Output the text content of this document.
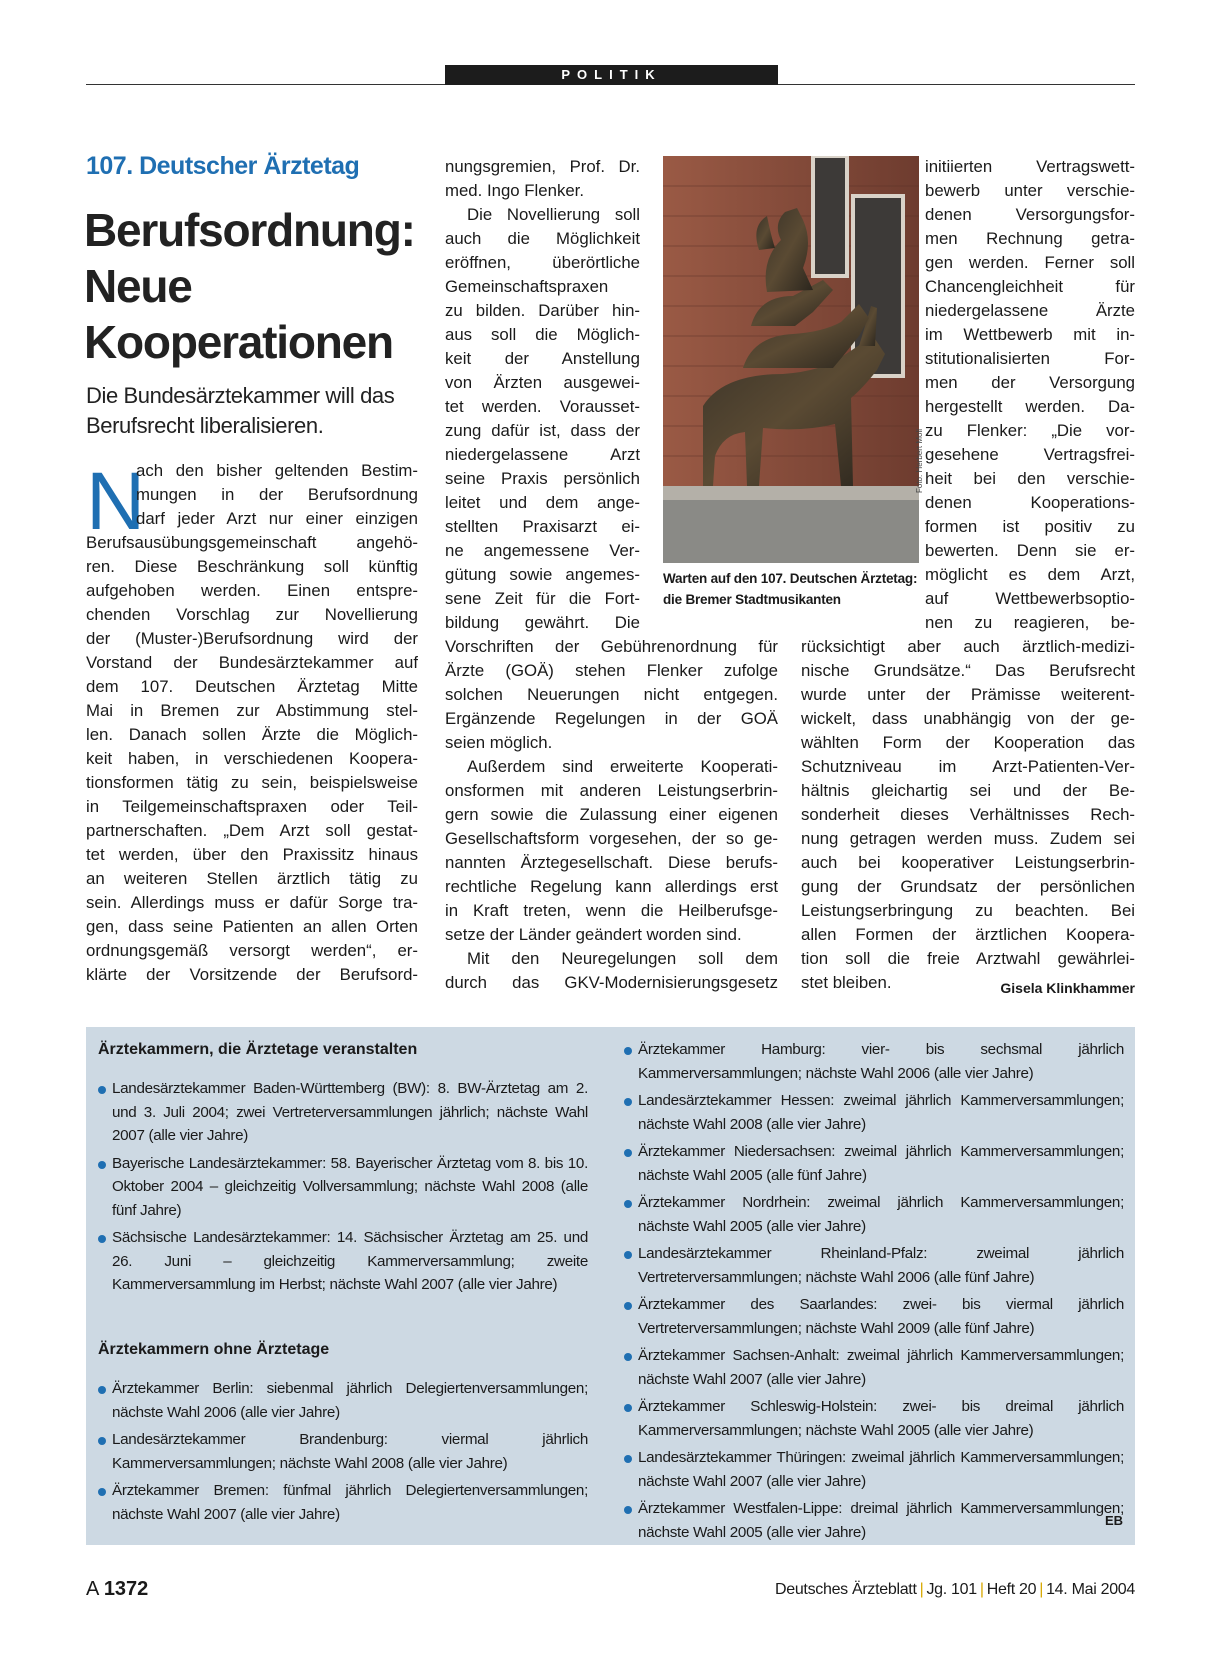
POLITIK
107. Deutscher Ärztetag
Berufsordnung:
Neue
Kooperationen
Die Bundesärztekammer will das Berufsrecht liberalisieren.
N
ach den bisher geltenden Bestim-
mungen in der Berufsordnung
darf jeder Arzt nur einer einzigen
Berufsausübungsgemeinschaft angehö-
ren. Diese Beschränkung soll künftig
aufgehoben werden. Einen entspre-
chenden Vorschlag zur Novellierung
der (Muster-)Berufsordnung wird der
Vorstand der Bundesärztekammer auf
dem 107. Deutschen Ärztetag Mitte
Mai in Bremen zur Abstimmung stel-
len. Danach sollen Ärzte die Möglich-
keit haben, in verschiedenen Koopera-
tionsformen tätig zu sein, beispielsweise
in Teilgemeinschaftspraxen oder Teil-
partnerschaften. „Dem Arzt soll gestat-
tet werden, über den Praxissitz hinaus
an weiteren Stellen ärztlich tätig zu
sein. Allerdings muss er dafür Sorge tra-
gen, dass seine Patienten an allen Orten
ordnungsgemäß versorgt werden“, er-
klärte der Vorsitzende der Berufsord-
nungsgremien, Prof. Dr.
med. Ingo Flenker.
Die Novellierung soll
auch die Möglichkeit
eröffnen, überörtliche
Gemeinschaftspraxen
zu bilden. Darüber hin-
aus soll die Möglich-
keit der Anstellung
von Ärzten ausgewei-
tet werden. Vorausset-
zung dafür ist, dass der
niedergelassene Arzt
seine Praxis persönlich
leitet und dem ange-
stellten Praxisarzt ei-
ne angemessene Ver-
gütung sowie angemes-
sene Zeit für die Fort-
bildung gewährt. Die
Vorschriften der Gebührenordnung für
Ärzte (GOÄ) stehen Flenker zufolge
solchen Neuerungen nicht entgegen.
Ergänzende Regelungen in der GOÄ
seien möglich.
Außerdem sind erweiterte Kooperati-
onsformen mit anderen Leistungserbrin-
gern sowie die Zulassung einer eigenen
Gesellschaftsform vorgesehen, der so ge-
nannten Ärztegesellschaft. Diese berufs-
rechtliche Regelung kann allerdings erst
in Kraft treten, wenn die Heilberufsge-
setze der Länder geändert worden sind.
Mit den Neuregelungen soll dem
durch das GKV-Modernisierungsgesetz
Foto: Herbert Moll
Warten auf den 107. Deutschen Ärztetag: die Bremer Stadtmusikanten
initiierten Vertragswett-
bewerb unter verschie-
denen Versorgungsfor-
men Rechnung getra-
gen werden. Ferner soll
Chancengleichheit für
niedergelassene Ärzte
im Wettbewerb mit in-
stitutionalisierten For-
men der Versorgung
hergestellt werden. Da-
zu Flenker: „Die vor-
gesehene Vertragsfrei-
heit bei den verschie-
denen Kooperations-
formen ist positiv zu
bewerten. Denn sie er-
möglicht es dem Arzt,
auf Wettbewerbsoptio-
nen zu reagieren, be-
rücksichtigt aber auch ärztlich-medizi-
nische Grundsätze.“ Das Berufsrecht
wurde unter der Prämisse weiterent-
wickelt, dass unabhängig von der ge-
wählten Form der Kooperation das
Schutzniveau im Arzt-Patienten-Ver-
hältnis gleichartig sei und der Be-
sonderheit dieses Verhältnisses Rech-
nung getragen werden muss. Zudem sei
auch bei kooperativer Leistungserbrin-
gung der Grundsatz der persönlichen
Leistungserbringung zu beachten. Bei
allen Formen der ärztlichen Koopera-
tion soll die freie Arztwahl gewährlei-
stet bleiben.	Gisela Klinkhammer
Ärztekammern, die Ärztetage veranstalten
Landesärztekammer Baden-Württemberg (BW): 8. BW-Ärztetag am 2. und 3. Juli 2004; zwei Vertreterversammlungen jährlich; nächste Wahl 2007 (alle vier Jahre)
Bayerische Landesärztekammer: 58. Bayerischer Ärztetag vom 8. bis 10. Oktober 2004 – gleichzeitig Vollversammlung; nächste Wahl 2008 (alle fünf Jahre)
Sächsische Landesärztekammer: 14. Sächsischer Ärztetag am 25. und 26. Juni – gleichzeitig Kammerversammlung; zweite Kammerversammlung im Herbst; nächste Wahl 2007 (alle vier Jahre)
Ärztekammern ohne Ärztetage
Ärztekammer Berlin: siebenmal jährlich Delegiertenversammlungen; nächste Wahl 2006 (alle vier Jahre)
Landesärztekammer Brandenburg: viermal jährlich Kammerversammlungen; nächste Wahl 2008 (alle vier Jahre)
Ärztekammer Bremen: fünfmal jährlich Delegiertenversammlungen; nächste Wahl 2007 (alle vier Jahre)
Ärztekammer Hamburg: vier- bis sechsmal jährlich Kammerversammlungen; nächste Wahl 2006 (alle vier Jahre)
Landesärztekammer Hessen: zweimal jährlich Kammerversammlungen; nächste Wahl 2008 (alle vier Jahre)
Ärztekammer Niedersachsen: zweimal jährlich Kammerversammlungen; nächste Wahl 2005 (alle fünf Jahre)
Ärztekammer Nordrhein: zweimal jährlich Kammerversammlungen; nächste Wahl 2005 (alle vier Jahre)
Landesärztekammer Rheinland-Pfalz: zweimal jährlich Vertreterversammlungen; nächste Wahl 2006 (alle fünf Jahre)
Ärztekammer des Saarlandes: zwei- bis viermal jährlich Vertreterversammlungen; nächste Wahl 2009 (alle fünf Jahre)
Ärztekammer Sachsen-Anhalt: zweimal jährlich Kammerversammlungen; nächste Wahl 2007 (alle vier Jahre)
Ärztekammer Schleswig-Holstein: zwei- bis dreimal jährlich Kammerversammlungen; nächste Wahl 2005 (alle vier Jahre)
Landesärztekammer Thüringen: zweimal jährlich Kammerversammlungen; nächste Wahl 2007 (alle vier Jahre)
Ärztekammer Westfalen-Lippe: dreimal jährlich Kammerversammlungen; nächste Wahl 2005 (alle vier Jahre)
EB
A 1372	Deutsches Ärzteblatt | Jg. 101 | Heft 20 | 14. Mai 2004
